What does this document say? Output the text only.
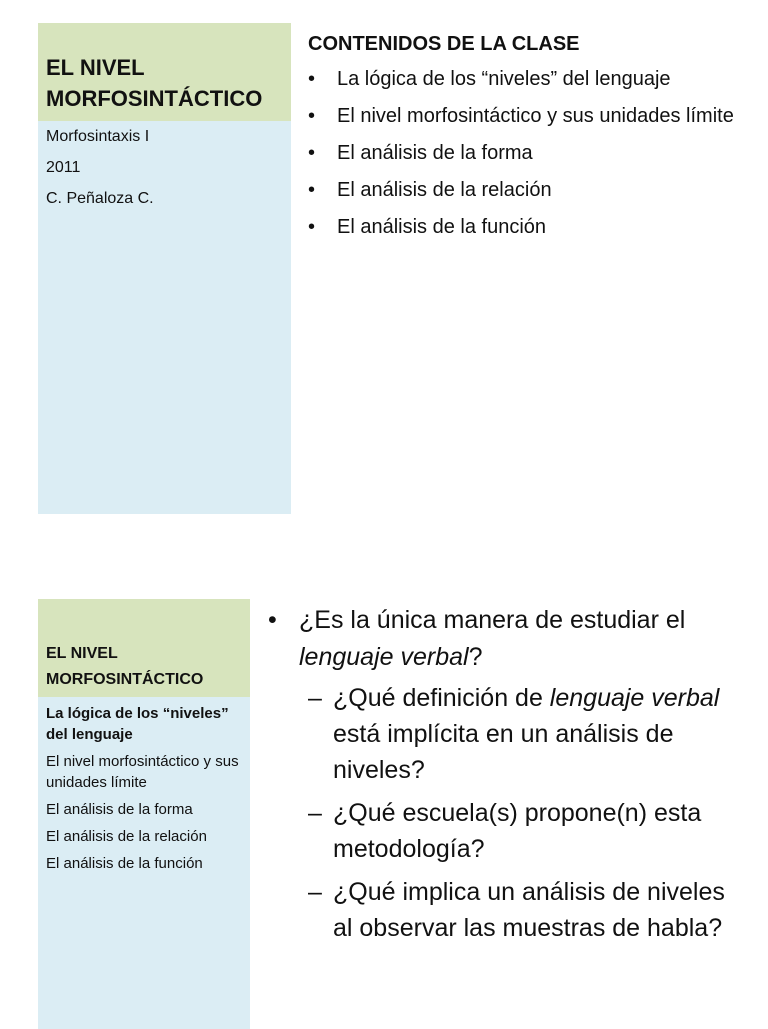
EL NIVEL MORFOSINTÁCTICO
Morfosintaxis I
2011
C. Peñaloza C.
CONTENIDOS DE LA CLASE
• La lógica de los “niveles” del lenguaje
• El nivel morfosintáctico y sus unidades límite
• El análisis de la forma
• El análisis de la relación
• El análisis de la función
EL NIVEL MORFOSINTÁCTICO
La lógica de los “niveles” del lenguaje
El nivel morfosintáctico y sus unidades límite
El análisis de la forma
El análisis de la relación
El análisis de la función

• ¿Es la única manera de estudiar el lenguaje verbal?

– ¿Qué definición de lenguaje verbal está implícita en un análisis de niveles?
– ¿Qué escuela(s) propone(n) esta metodología?
– ¿Qué implica un análisis de niveles al observar las muestras de habla?
